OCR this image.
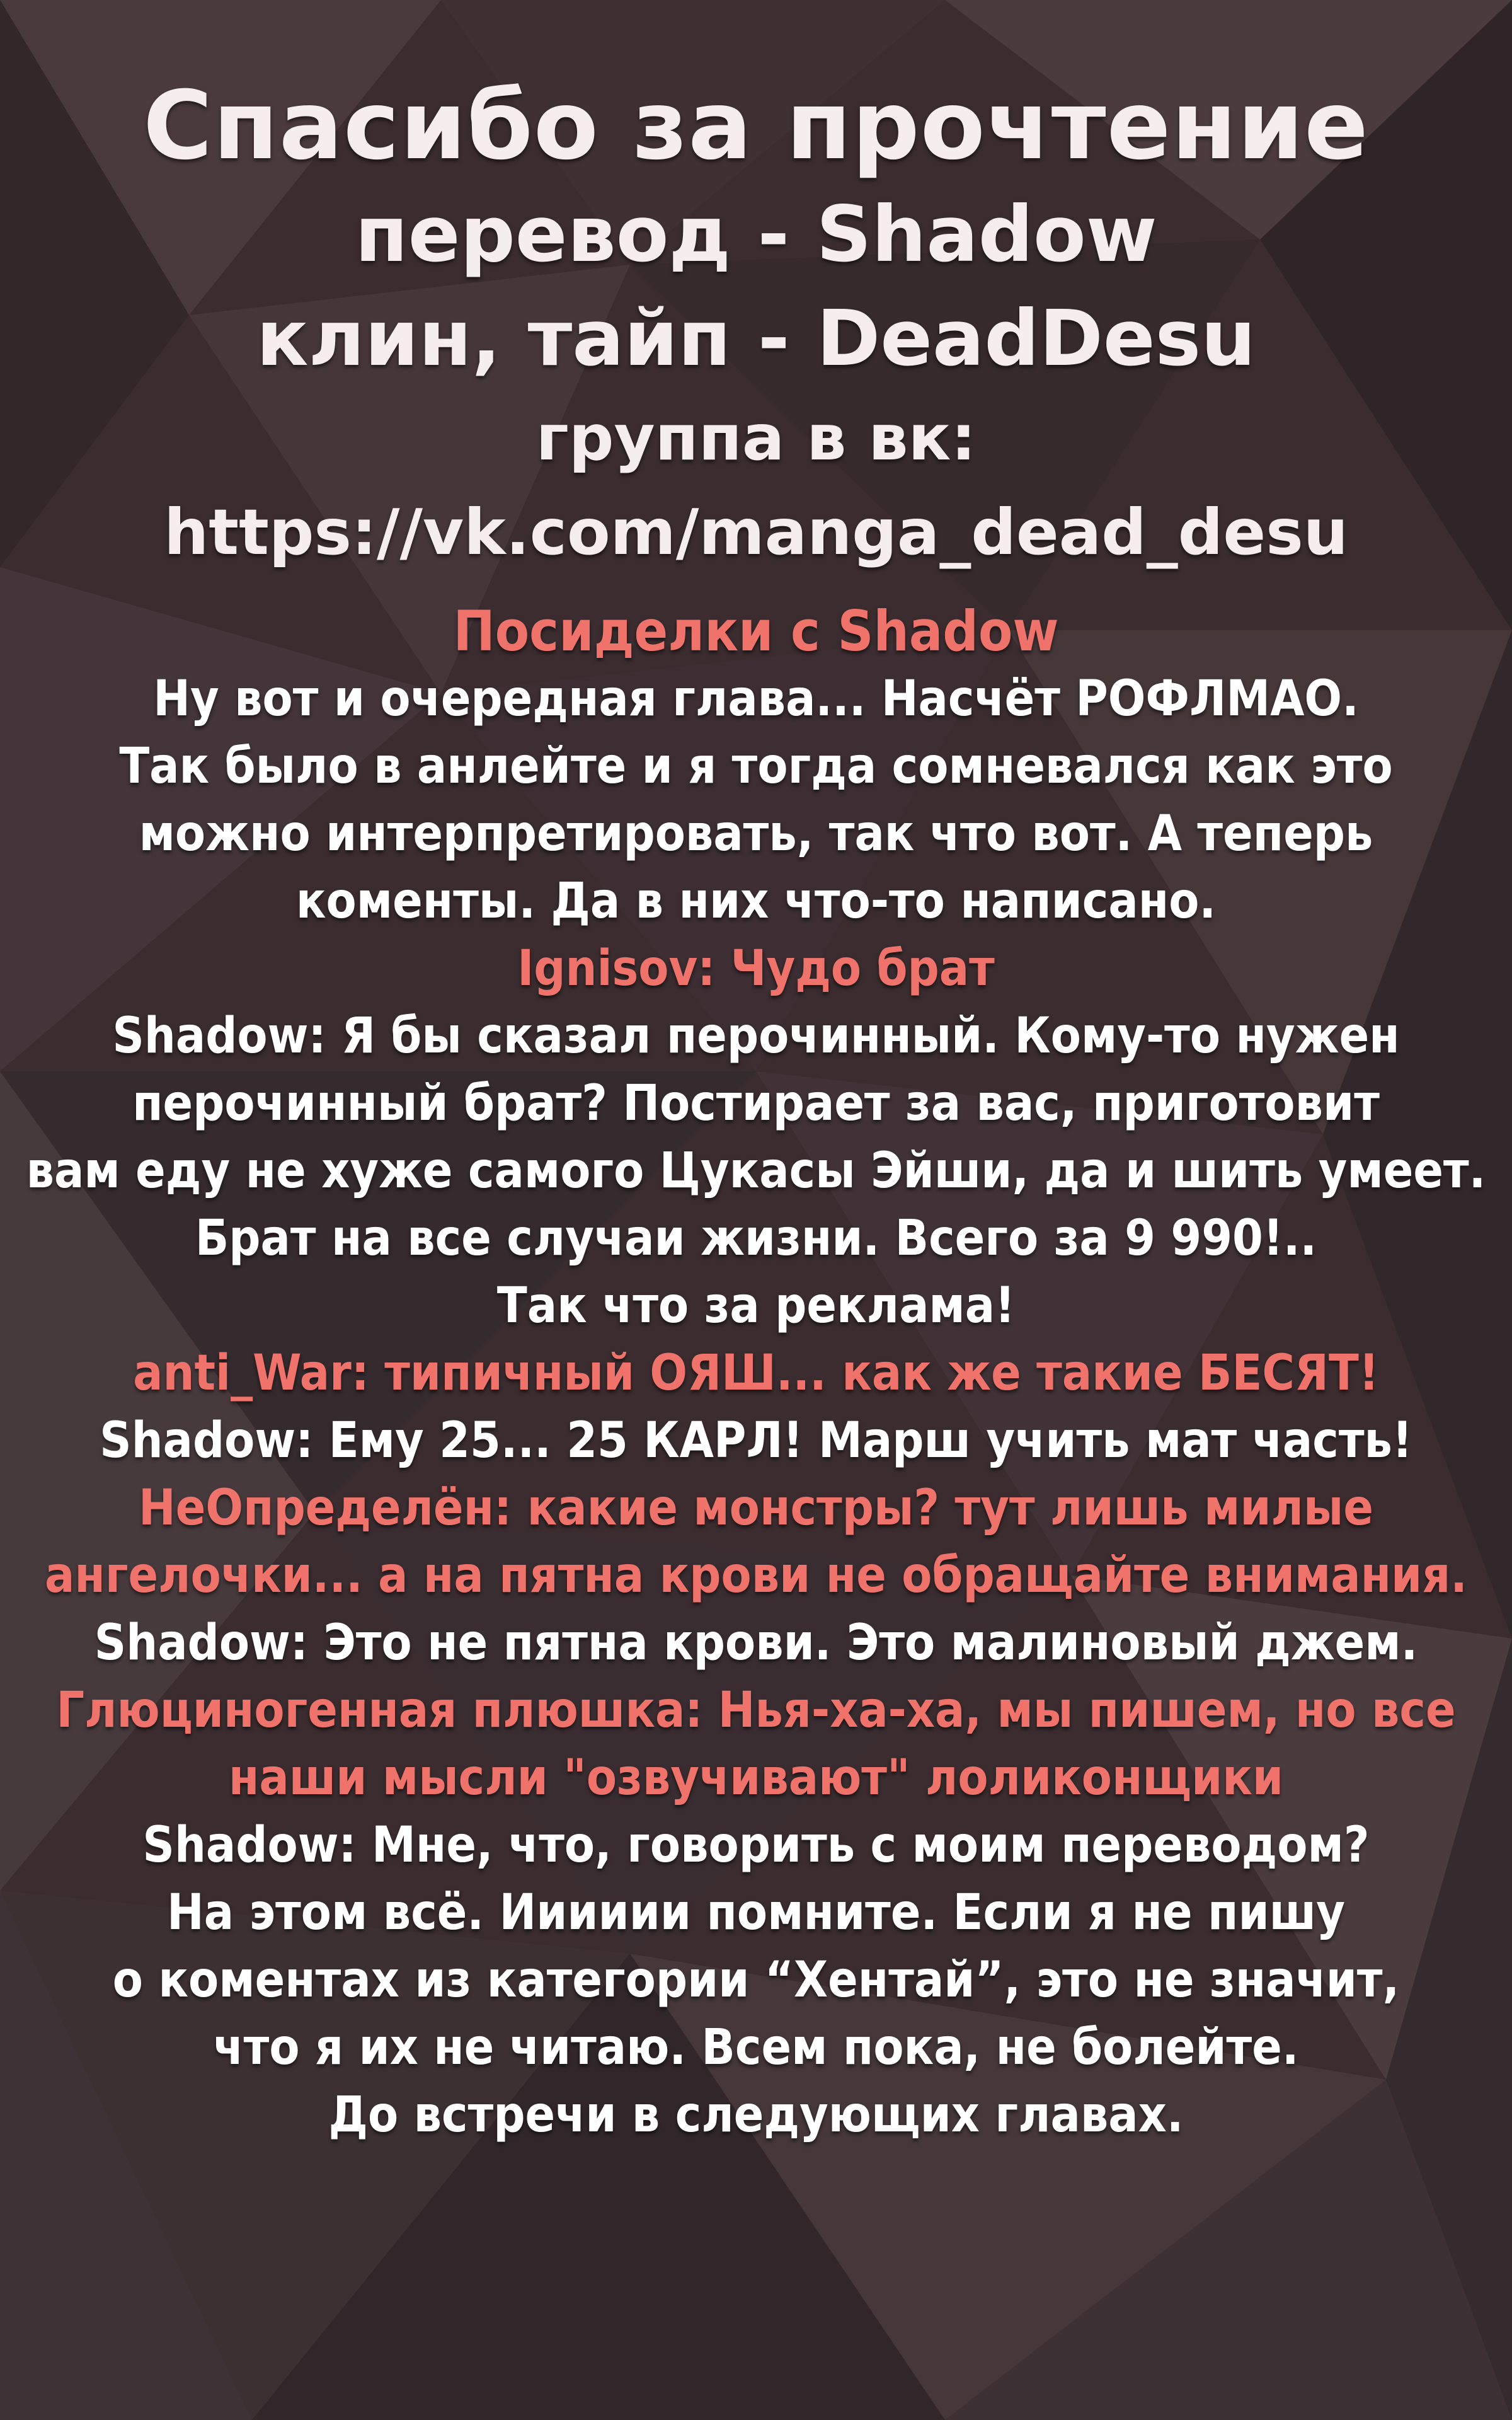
Спасибо за прочтение

перевод - Shadow

клин, тайп - DeadDesu

группа в вк:

https://vk.com/manga_dead_desu

Посиделки с Shadow

Ну вот и очередная глава... Насчёт РОФЛМАО.

Так было в анлейте и я тогда сомневался как это

можно интерпретировать, так что вот. А теперь

коменты. Да в них что-то написано.

Ignisov: Чудо брат

Shadow: Я бы сказал перочинный. Кому-то нужен

перочинный брат? Постирает за вас, приготовит

вам еду не хуже самого Цукасы Эйши, да и шить умеет.

Брат на все случаи жизни. Всего за 9 990!..

Так что за реклама!

anti_War: типичный ОЯШ... как же такие БЕСЯТ!

Shadow: Ему 25... 25 КАРЛ! Марш учить мат часть!

НеОпределён: какие монстры? тут лишь милые

ангелочки... а на пятна крови не обращайте внимания.

Shadow: Это не пятна крови. Это малиновый джем.

Глюциногенная плюшка: Нья-ха-ха, мы пишем, но все

наши мысли "озвучивают" лоликонщики

Shadow: Мне, что, говорить с моим переводом?

На этом всё. Ииииии помните. Если я не пишу

о коментах из категории “Хентай”, это не значит,

что я их не читаю. Всем пока, не болейте.

До встречи в следующих главах.
